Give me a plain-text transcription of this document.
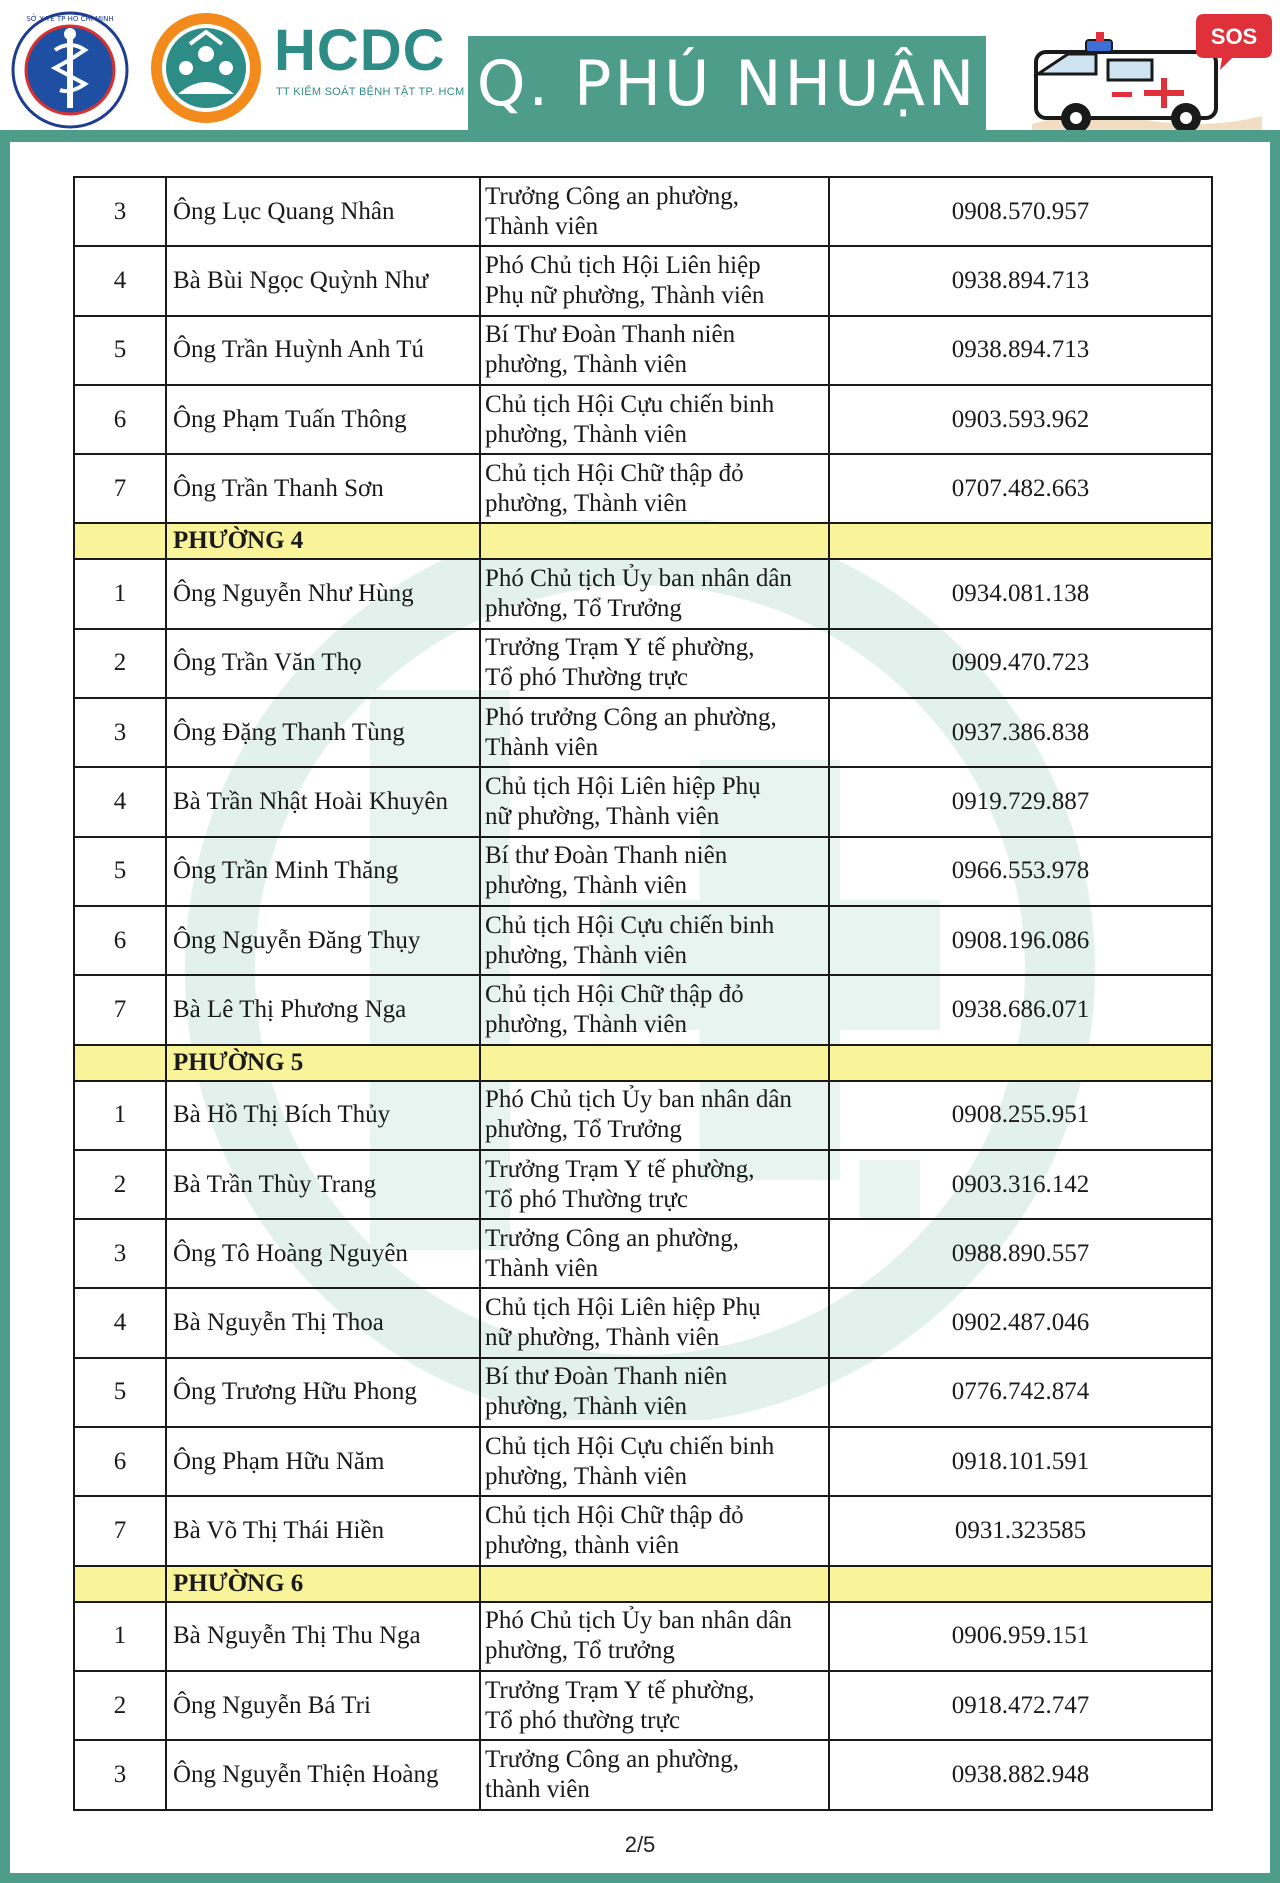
SỞ Y TẾ TP HỒ CHÍ MINH	HCDC
TT KIỂM SOÁT BỆNH TẬT TP. HCM Q. PHÚ NHUẬN
SOS
3	Ông Lục Quang Nhân	Trưởng Công an phường,
Thành viên	0908.570.957
4	Bà Bùi Ngọc Quỳnh Như	Phó Chủ tịch Hội Liên hiệp
Phụ nữ phường, Thành viên	0938.894.713
5	Ông Trần Huỳnh Anh Tú	Bí Thư Đoàn Thanh niên
phường, Thành viên	0938.894.713
6	Ông Phạm Tuấn Thông	Chủ tịch Hội Cựu chiến binh
phường, Thành viên	0903.593.962
7	Ông Trần Thanh Sơn	Chủ tịch Hội Chữ thập đỏ
phường, Thành viên	0707.482.663
	PHƯỜNG 4		
1	Ông Nguyễn Như Hùng	Phó Chủ tịch Ủy ban nhân dân
phường, Tổ Trưởng	0934.081.138
2	Ông Trần Văn Thọ	Trưởng Trạm Y tế phường,
Tổ phó Thường trực	0909.470.723
3	Ông Đặng Thanh Tùng	Phó trưởng Công an phường,
Thành viên	0937.386.838
4	Bà Trần Nhật Hoài Khuyên	Chủ tịch Hội Liên hiệp Phụ
nữ phường, Thành viên	0919.729.887
5	Ông Trần Minh Thăng	Bí thư Đoàn Thanh niên
phường, Thành viên	0966.553.978
6	Ông Nguyễn Đăng Thụy	Chủ tịch Hội Cựu chiến binh
phường, Thành viên	0908.196.086
7	Bà Lê Thị Phương Nga	Chủ tịch Hội Chữ thập đỏ
phường, Thành viên	0938.686.071
	PHƯỜNG 5		
1	Bà Hồ Thị Bích Thủy	Phó Chủ tịch Ủy ban nhân dân
phường, Tổ Trưởng	0908.255.951
2	Bà Trần Thùy Trang	Trưởng Trạm Y tế phường,
Tổ phó Thường trực	0903.316.142
3	Ông Tô Hoàng Nguyên	Trưởng Công an phường,
Thành viên	0988.890.557
4	Bà Nguyễn Thị Thoa	Chủ tịch Hội Liên hiệp Phụ
nữ phường, Thành viên	0902.487.046
5	Ông Trương Hữu Phong	Bí thư Đoàn Thanh niên
phường, Thành viên	0776.742.874
6	Ông Phạm Hữu Năm	Chủ tịch Hội Cựu chiến binh
phường, Thành viên	0918.101.591
7	Bà Võ Thị Thái Hiền	Chủ tịch Hội Chữ thập đỏ
phường, thành viên	0931.323585
	PHƯỜNG 6		
1	Bà Nguyễn Thị Thu Nga	Phó Chủ tịch Ủy ban nhân dân
phường, Tổ trưởng	0906.959.151
2	Ông Nguyễn Bá Tri	Trưởng Trạm Y tế phường,
Tổ phó thường trực	0918.472.747
3	Ông Nguyễn Thiện Hoàng	Trưởng Công an phường,
thành viên	0938.882.948
2/5
